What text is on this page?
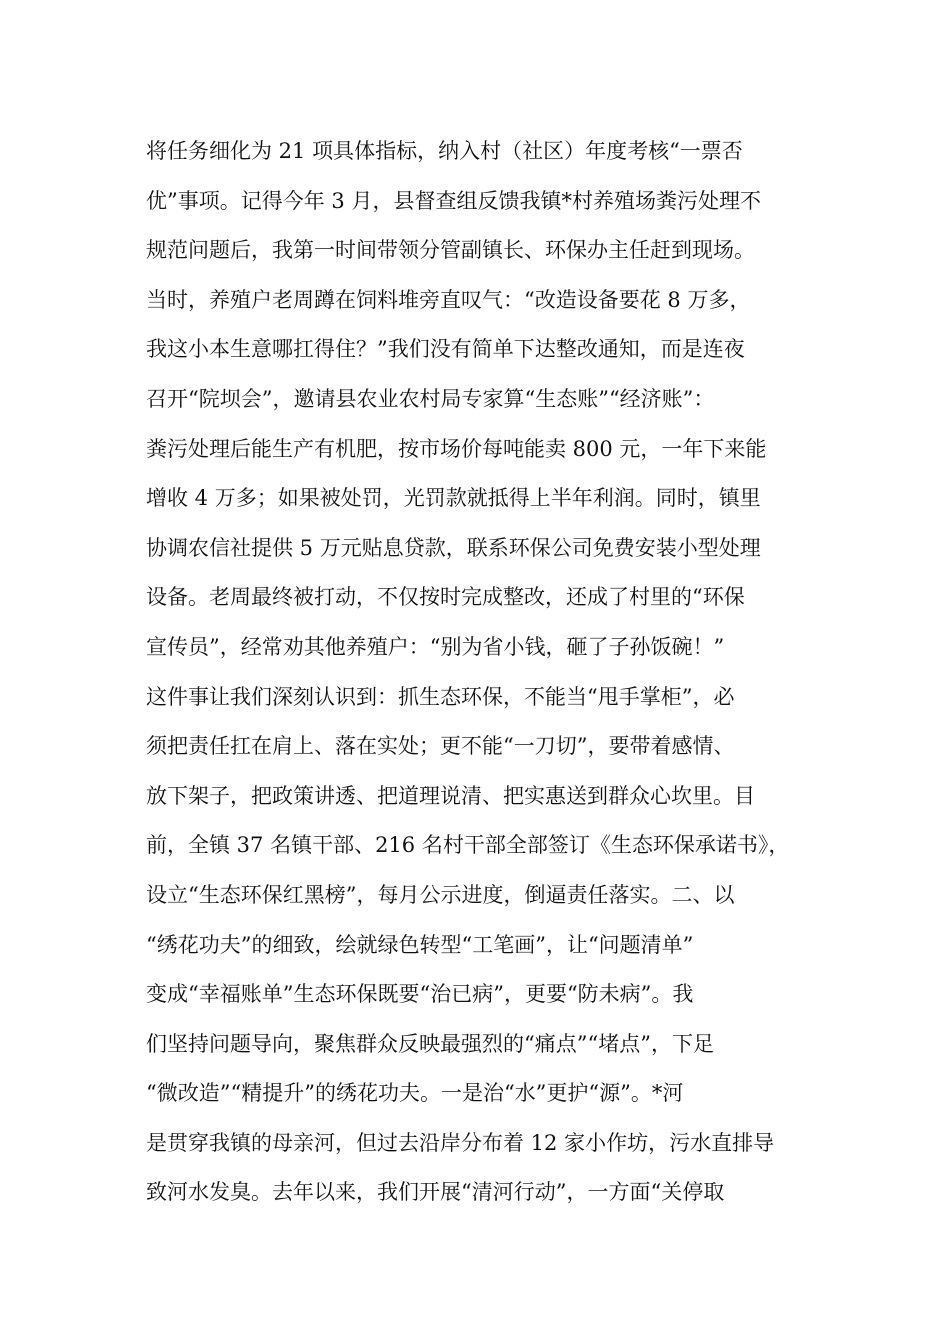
将任务细化为 21 项具体指标，纳入村（社区）年度考核“一票否
优”事项。记得今年 3 月，县督查组反馈我镇*村养殖场粪污处理不
规范问题后，我第一时间带领分管副镇长、环保办主任赶到现场。
当时，养殖户老周蹲在饲料堆旁直叹气：“改造设备要花 8 万多，
我这小本生意哪扛得住？”我们没有简单下达整改通知，而是连夜
召开“院坝会”，邀请县农业农村局专家算“生态账”“经济账”：
粪污处理后能生产有机肥，按市场价每吨能卖 800 元，一年下来能
增收 4 万多；如果被处罚，光罚款就抵得上半年利润。同时，镇里
协调农信社提供 5 万元贴息贷款，联系环保公司免费安装小型处理
设备。老周最终被打动，不仅按时完成整改，还成了村里的“环保
宣传员”，经常劝其他养殖户：“别为省小钱，砸了子孙饭碗！”
这件事让我们深刻认识到：抓生态环保，不能当“甩手掌柜”，必
须把责任扛在肩上、落在实处；更不能“一刀切”，要带着感情、
放下架子，把政策讲透、把道理说清、把实惠送到群众心坎里。目
前，全镇 37 名镇干部、216 名村干部全部签订《生态环保承诺书》，
设立“生态环保红黑榜”，每月公示进度，倒逼责任落实。二、以
“绣花功夫”的细致，绘就绿色转型“工笔画”，让“问题清单”
变成“幸福账单”生态环保既要“治已病”，更要“防未病”。我
们坚持问题导向，聚焦群众反映最强烈的“痛点”“堵点”，下足
“微改造”“精提升”的绣花功夫。一是治“水”更护“源”。*河
是贯穿我镇的母亲河，但过去沿岸分布着 12 家小作坊，污水直排导
致河水发臭。去年以来，我们开展“清河行动”，一方面“关停取
